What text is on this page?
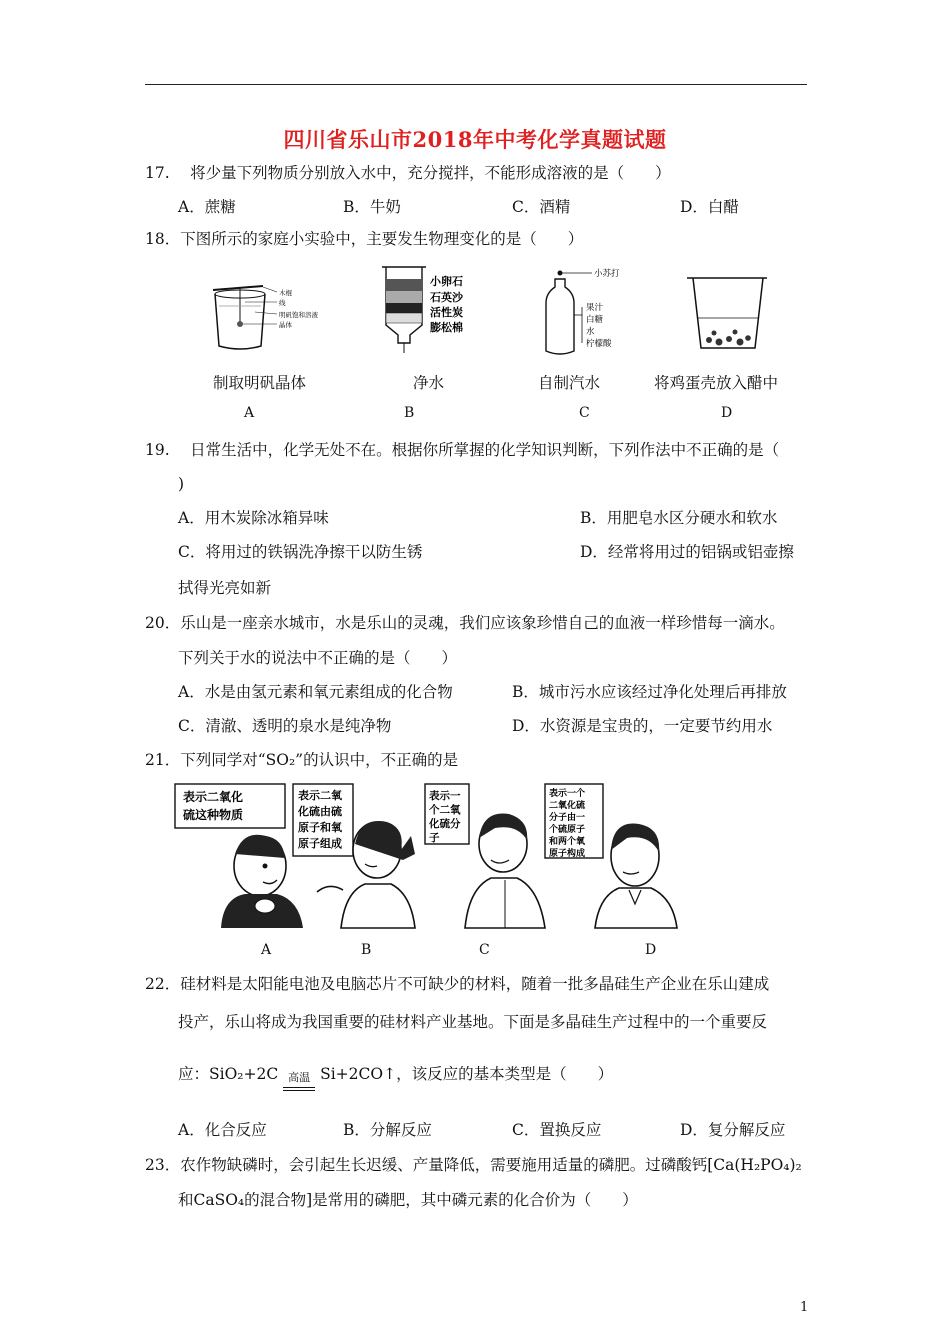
四川省乐山市2018年中考化学真题试题
17.　 将少量下列物质分别放入水中，充分搅拌，不能形成溶液的是（　　）
A．蔗糖	B．牛奶	C．酒精	D．白醋
18．下图所示的家庭小实验中，主要发生物理变化的是（　　）
木棍
线
明矾饱和溶液
晶体
小卵石
石英沙
活性炭
膨松棉
小苏打
果汁
白糖
水
柠檬酸
制取明矾晶体	净水	自制汽水	将鸡蛋壳放入醋中
A	B	C	D
19.　 日常生活中，化学无处不在。根据你所掌握的化学知识判断，下列作法中不正确的是（
)
A．用木炭除冰箱异味	B．用肥皂水区分硬水和软水
C．将用过的铁锅洗净擦干以防生锈	D．经常将用过的铝锅或铝壶擦
拭得光亮如新
20．乐山是一座亲水城市，水是乐山的灵魂，我们应该象珍惜自己的血液一样珍惜每一滴水。
下列关于水的说法中不正确的是（　　）
A．水是由氢元素和氧元素组成的化合物	B．城市污水应该经过净化处理后再排放
C．清澈、透明的泉水是纯净物	D．水资源是宝贵的，一定要节约用水
21．下列同学对“SO₂”的认识中，不正确的是
表示二氧化
硫这种物质
表示二氧
化硫由硫
原子和氧
原子组成
表示一
个二氧
化硫分
子
表示一个
二氧化硫
分子由一
个硫原子
和两个氧
原子构成
A	B	C	D
22．硅材料是太阳能电池及电脑芯片不可缺少的材料，随着一批多晶硅生产企业在乐山建成
投产，乐山将成为我国重要的硅材料产业基地。下面是多晶硅生产过程中的一个重要反
应：SiO₂+2C 高温 Si+2CO↑，该反应的基本类型是（　　）
A．化合反应	B．分解反应	C．置换反应	D．复分解反应
23．农作物缺磷时，会引起生长迟缓、产量降低，需要施用适量的磷肥。过磷酸钙[Ca(H₂PO₄)₂
和CaSO₄的混合物]是常用的磷肥，其中磷元素的化合价为（　　）
1
